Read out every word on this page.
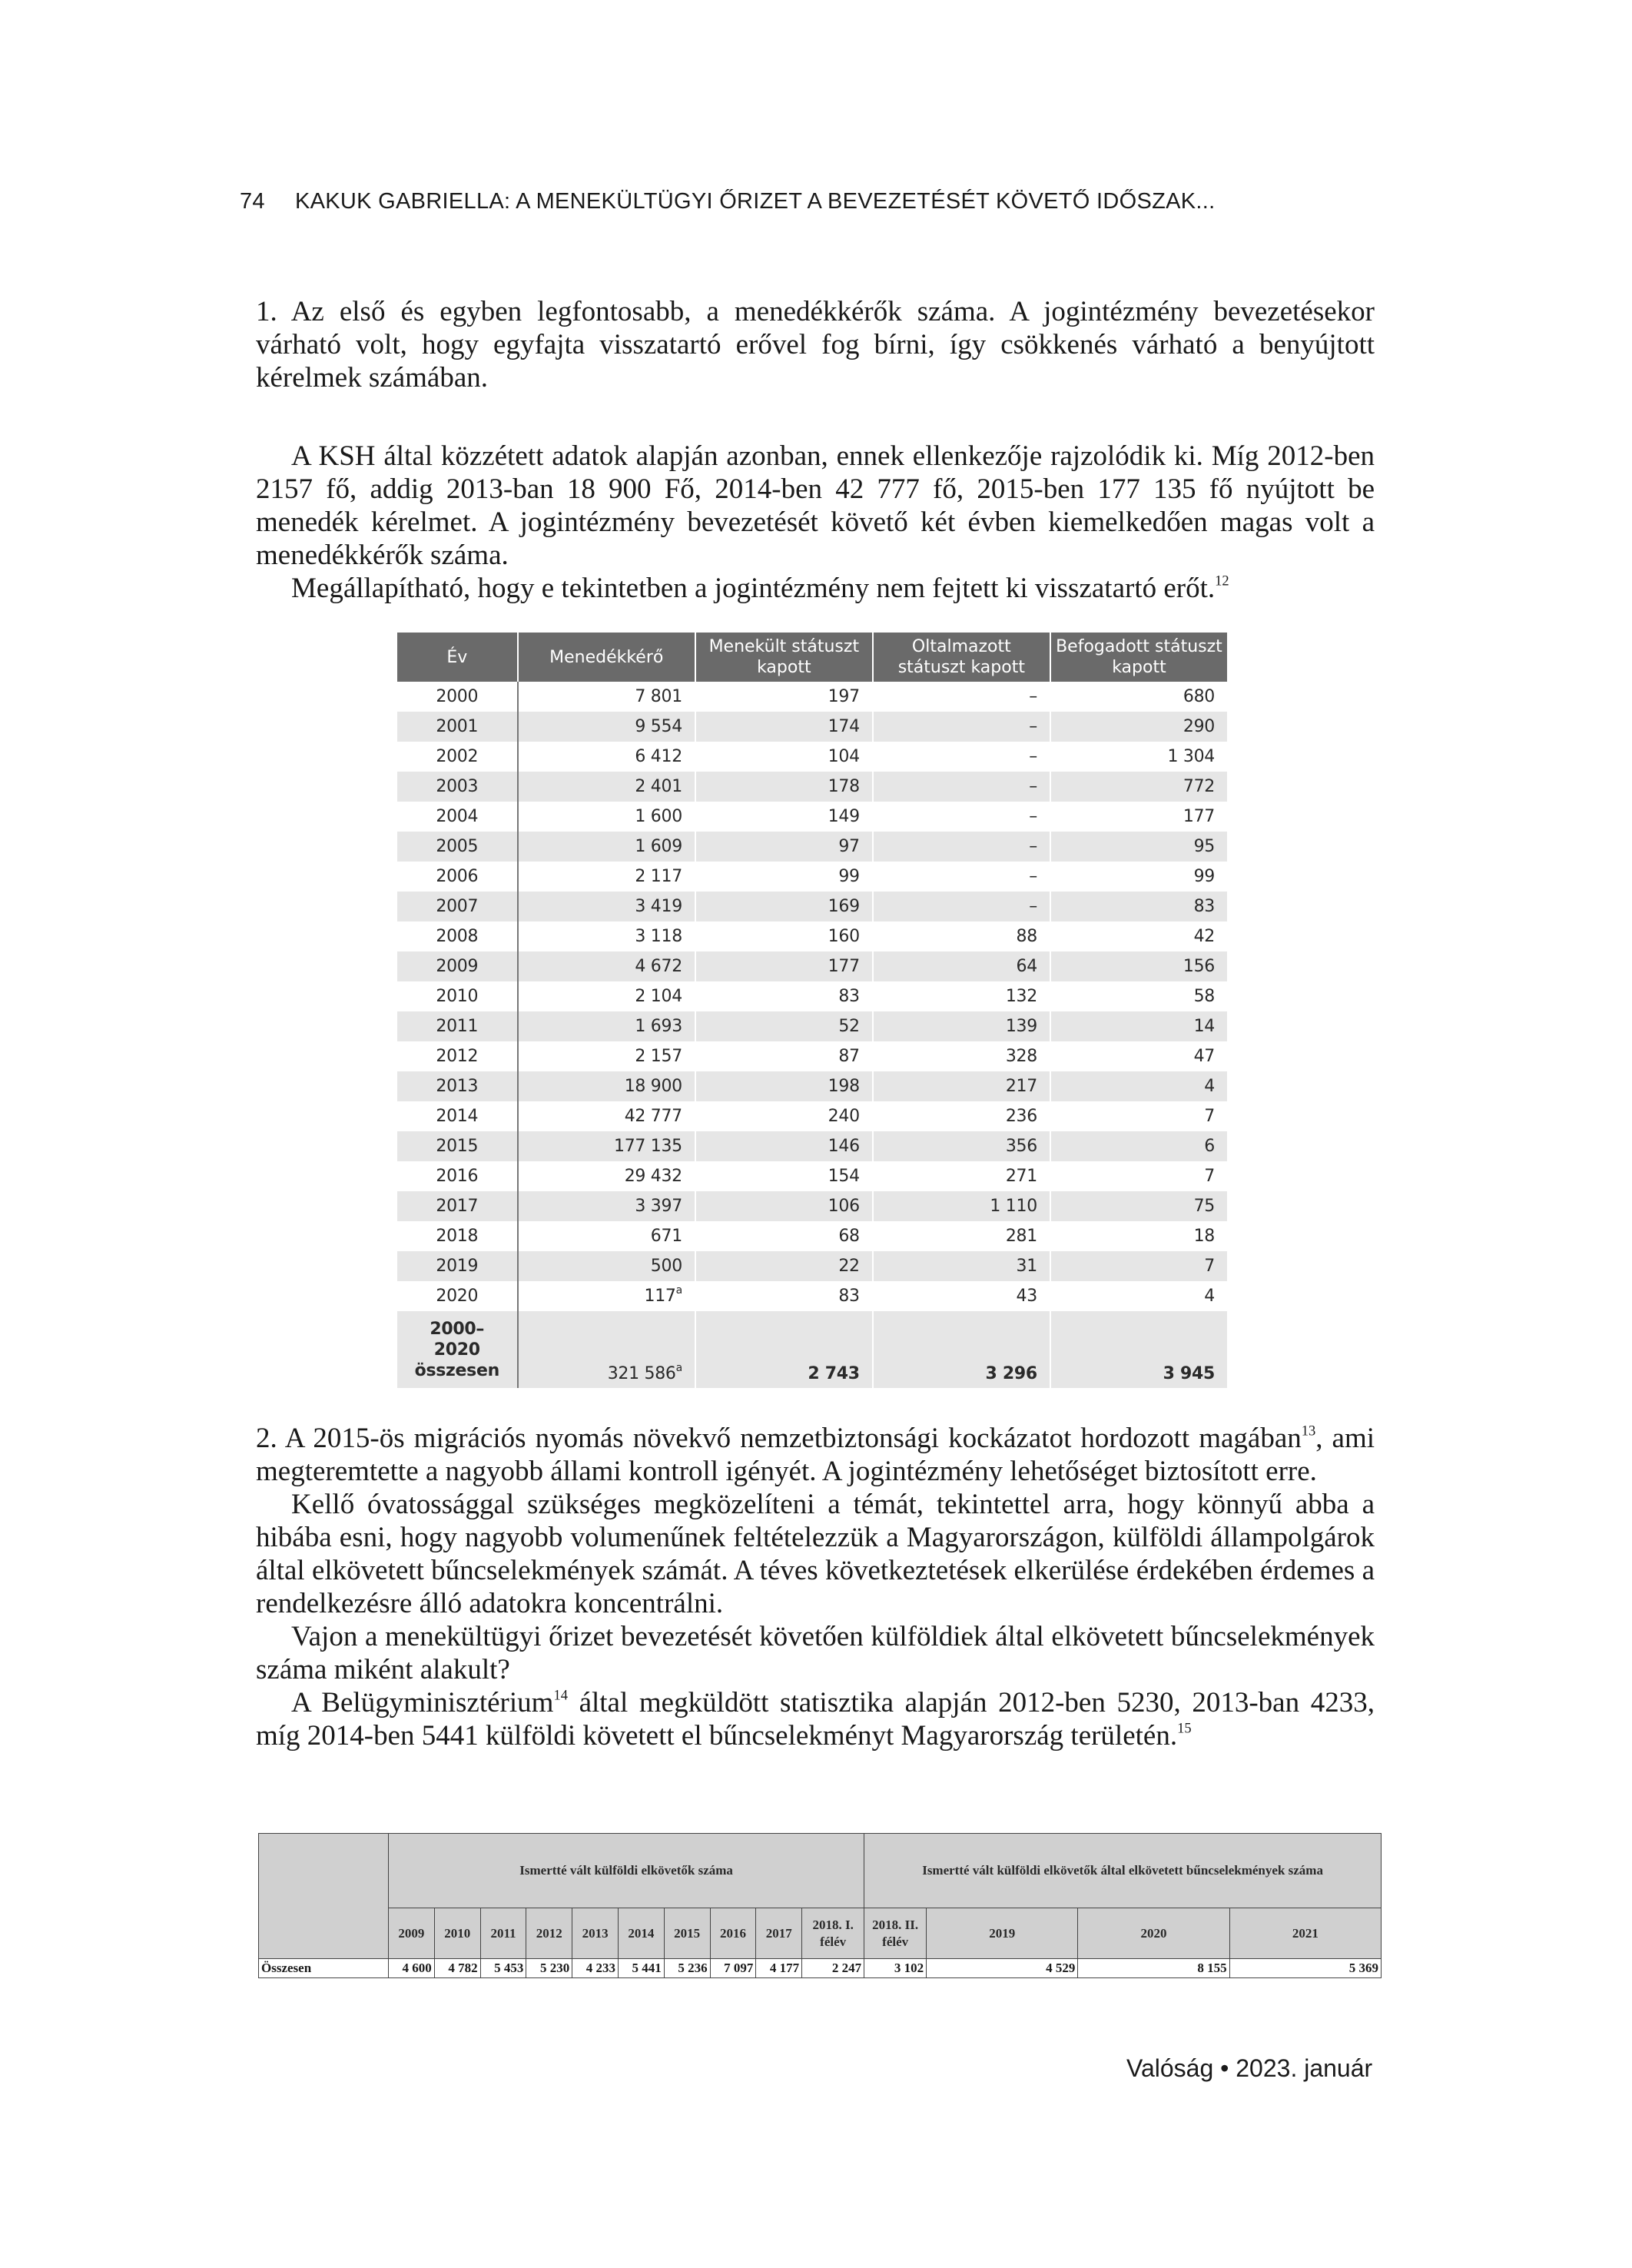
74 KAKUK GABRIELLA: A MENEKÜLTÜGYI ŐRIZET A BEVEZETÉSÉT KÖVETŐ IDŐSZAK...

1. Az első és egyben legfontosabb, a menedékkérők száma. A jogintézmény bevezetésekor várható volt, hogy egyfajta visszatartó erővel fog bírni, így csökkenés várható a benyújtott kérelmek számában.

A KSH által közzétett adatok alapján azonban, ennek ellenkezője rajzolódik ki. Míg 2012-ben 2157 fő, addig 2013-ban 18 900 Fő, 2014-ben 42 777 fő, 2015-ben 177 135 fő nyújtott be menedék kérelmet. A jogintézmény bevezetését követő két évben kiemelkedően magas volt a menedékkérők száma.

Megállapítható, hogy e tekintetben a jogintézmény nem fejtett ki visszatartó erőt.$^{12}$

Év	Menedékkérő	Menekült státuszt kapott	Oltalmazott státuszt kapott	Befogadott státuszt kapott
2000	7 801	197	–	680
2001	9 554	174	–	290
2002	6 412	104	–	1 304
2003	2 401	178	–	772
2004	1 600	149	–	177
2005	1 609	97	–	95
2006	2 117	99	–	99
2007	3 419	169	–	83
2008	3 118	160	88	42
2009	4 672	177	64	156
2010	2 104	83	132	58
2011	1 693	52	139	14
2012	2 157	87	328	47
2013	18 900	198	217	4
2014	42 777	240	236	7
2015	177 135	146	356	6
2016	29 432	154	271	7
2017	3 397	106	1 110	75
2018	671	68	281	18
2019	500	22	31	7
2020	117$^a$	83	43	4
2000–
2020
összesen	321 586$^a$	2 743	3 296	3 945

2. A 2015-ös migrációs nyomás növekvő nemzetbiztonsági kockázatot hordozott magában$^{13}$, ami megteremtette a nagyobb állami kontroll igényét. A jogintézmény lehetőséget biztosított erre.

Kellő óvatossággal szükséges megközelíteni a témát, tekintettel arra, hogy könnyű abba a hibába esni, hogy nagyobb volumenűnek feltételezzük a Magyarországon, külföldi állampolgárok által elkövetett bűncselekmények számát. A téves következtetések elkerülése érdekében érdemes a rendelkezésre álló adatokra koncentrálni.

Vajon a menekültügyi őrizet bevezetését követően külföldiek által elkövetett bűncselekmények száma miként alakult?

A Belügyminisztérium$^{14}$ által megküldött statisztika alapján 2012-ben 5230, 2013-ban 4233, míg 2014-ben 5441 külföldi követett el bűncselekményt Magyarország területén.$^{15}$

	Ismertté vált külföldi elkövetők száma										Ismertté vált külföldi elkövetők által elkövetett bűncselekmények száma			
	2009	2010	2011	2012	2013	2014	2015	2016	2017	2018. I. félév	2018. II. félév	2019	2020	2021
Összesen	4 600	4 782	5 453	5 230	4 233	5 441	5 236	7 097	4 177	2 247	3 102	4 529	8 155	5 369
Valóság • 2023. január
